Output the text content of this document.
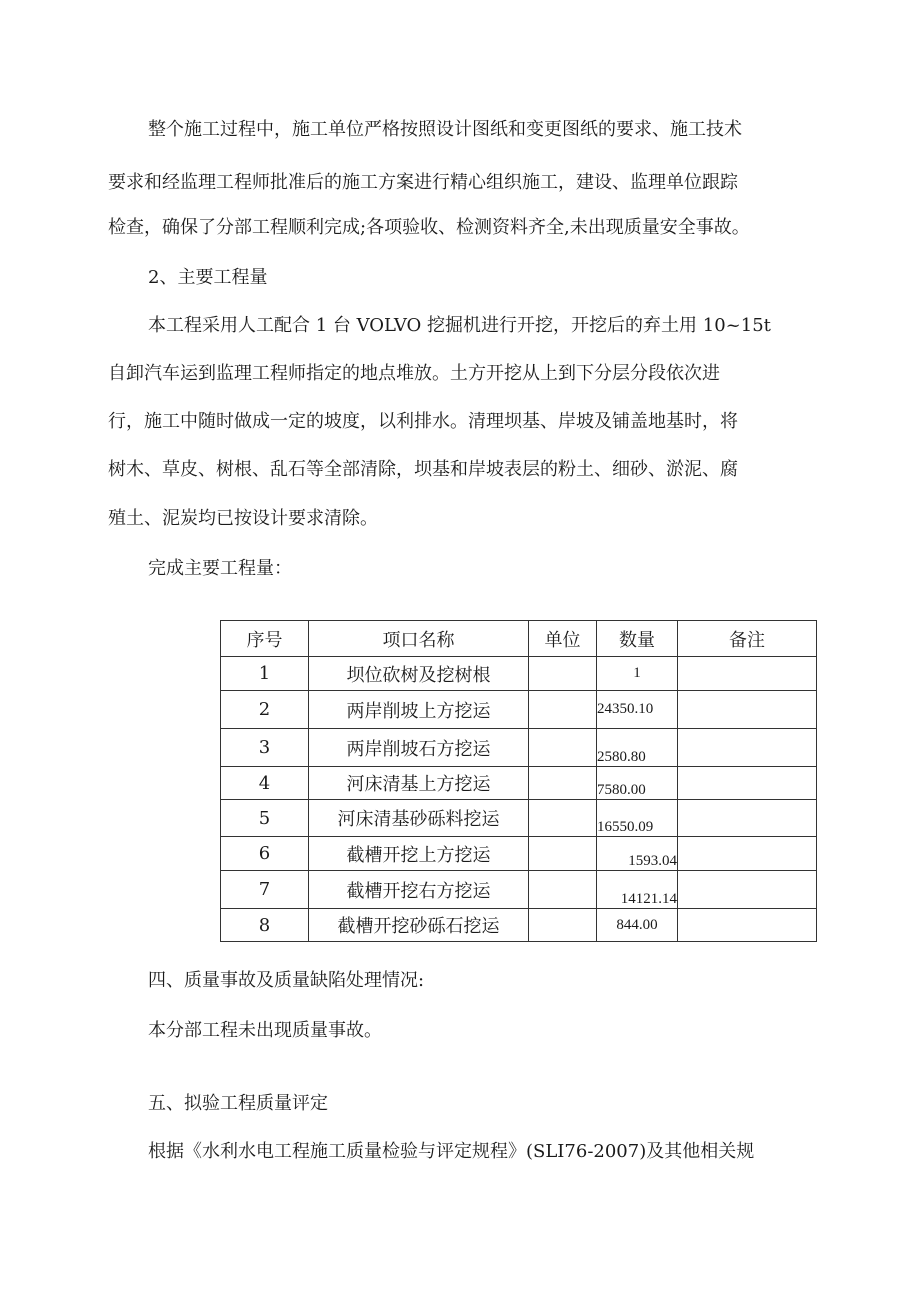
整个施工过程中，施工单位严格按照设计图纸和变更图纸的要求、施工技术
要求和经监理工程师批准后的施工方案进行精心组织施工，建设、监理单位跟踪
检查，确保了分部工程顺利完成;各项验收、检测资料齐全,未出现质量安全事故。
2、主要工程量
本工程采用人工配合 1 台 VOLVO 挖掘机进行开挖，开挖后的弃土用 10~15t
自卸汽车运到监理工程师指定的地点堆放。土方开挖从上到下分层分段依次进
行，施工中随时做成一定的坡度，以利排水。清理坝基、岸坡及铺盖地基时，将
树木、草皮、树根、乱石等全部清除，坝基和岸坡表层的粉土、细砂、淤泥、腐
殖土、泥炭均已按设计要求清除。
完成主要工程量：
序号	项口名称	单位	数量	备注
1	坝位砍树及挖树根		1	
2	两岸削坡上方挖运		24350.10	
3	两岸削坡石方挖运		2580.80	
4	河床清基上方挖运		7580.00	
5	河床清基砂砾料挖运		16550.09	
6	截槽开挖上方挖运		1593.04	
7	截槽开挖右方挖运		14121.14	
8	截槽开挖砂砾石挖运		844.00	
四、质量事故及质量缺陷处理情况:
本分部工程未出现质量事故。
五、拟验工程质量评定
根据《水利水电工程施工质量检验与评定规程》(SLI76-2007)及其他相关规
